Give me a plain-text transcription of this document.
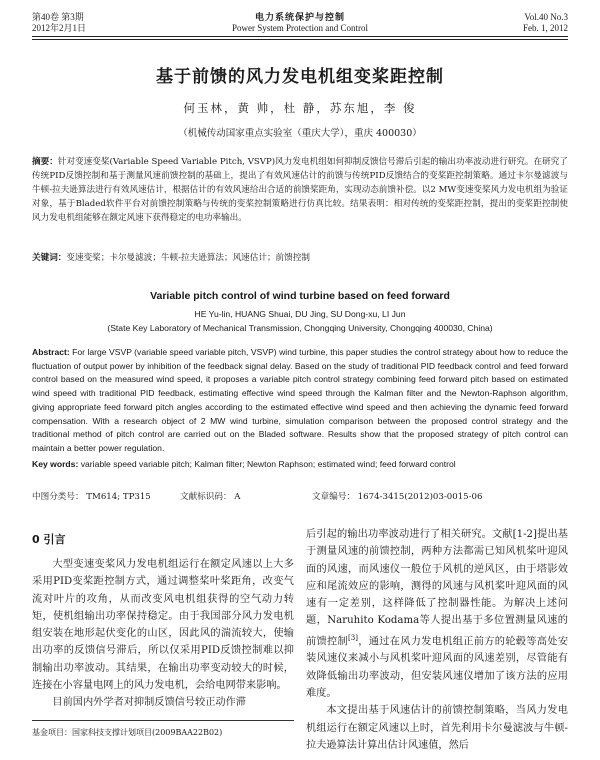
第40卷 第3期
2012年2月1日
电力系统保护与控制
Power System Protection and Control
Vol.40 No.3
Feb. 1, 2012
基于前馈的风力发电机组变桨距控制
何玉林，黄 帅，杜 静，苏东旭，李 俊
（机械传动国家重点实验室（重庆大学），重庆 400030）
摘要：针对变速变桨(Variable Speed Variable Pitch, VSVP)风力发电机组如何抑制反馈信号滞后引起的输出功率波动进行研究。在研究了传统PID反馈控制和基于测量风速前馈控制的基础上，提出了有效风速估计的前馈与传统PID反馈结合的变桨距控制策略。通过卡尔曼滤波与牛顿-拉夫逊算法进行有效风速估计，根据估计的有效风速给出合适的前馈桨距角，实现动态前馈补偿。以2 MW变速变桨风力发电机组为验证对象，基于Bladed软件平台对前馈控制策略与传统的变桨控制策略进行仿真比较。结果表明：相对传统的变桨距控制，提出的变桨距控制使风力发电机组能够在额定风速下获得稳定的电功率输出。
关键词：变速变桨；卡尔曼滤波；牛顿-拉夫逊算法；风速估计；前馈控制
Variable pitch control of wind turbine based on feed forward
HE Yu-lin, HUANG Shuai, DU Jing, SU Dong-xu, LI Jun
(State Key Laboratory of Mechanical Transmission, Chongqing University, Chongqing 400030, China)
Abstract: For large VSVP (variable speed variable pitch, VSVP) wind turbine, this paper studies the control strategy about how to reduce the fluctuation of output power by inhibition of the feedback signal delay. Based on the study of traditional PID feedback control and feed forward control based on the measured wind speed, it proposes a variable pitch control strategy combining feed forward pitch based on estimated wind speed with traditional PID feedback, estimating effective wind speed through the Kalman filter and the Newton-Raphson algorithm, giving appropriate feed forward pitch angles according to the estimated effective wind speed and then achieving the dynamic feed forward compensation. With a research object of 2 MW wind turbine, simulation comparison between the proposed control strategy and the traditional method of pitch control are carried out on the Bladed software. Results show that the proposed strategy of pitch control can maintain a better power regulation.
Key words: variable speed variable pitch; Kalman filter; Newton Raphson; estimated wind; feed forward control
中图分类号： TM614; TP315	文献标识码： A	文章编号： 1674-3415(2012)03-0015-06
0 引言

大型变速变桨风力发电机组运行在额定风速以上大多采用PID变桨距控制方式，通过调整桨叶桨距角，改变气流对叶片的攻角，从而改变风电机组获得的空气动力转矩，使机组输出功率保持稳定。由于我国部分风力发电机组安装在地形起伏变化的山区，因此风的湍流较大，使输出功率的反馈信号滞后，所以仅采用PID反馈控制难以抑制输出功率波动。其结果，在输出功率变动较大的时候，连接在小容量电网上的风力发电机，会给电网带来影响。

目前国内外学者对抑制反馈信号较正动作滞

后引起的输出功率波动进行了相关研究。文献[1-2]提出基于测量风速的前馈控制，两种方法都需已知风机桨叶迎风面的风速，而风速仪一般位于风机的逆风区，由于塔影效应和尾流效应的影响，测得的风速与风机桨叶迎风面的风速有一定差别，这样降低了控制器性能。为解决上述问题，Naruhito Kodama等人提出基于多位置测量风速的前馈控制[3]，通过在风力发电机组正前方的轮毂等高处安装风速仪来减小与风机桨叶迎风面的风速差别，尽管能有效降低输出功率波动，但安装风速仪增加了该方法的应用难度。

本文提出基于风速估计的前馈控制策略，当风力发电机组运行在额定风速以上时，首先利用卡尔曼滤波与牛顿-拉夫逊算法计算出估计风速值，然后

基金项目：国家科技支撑计划项目(2009BAA22B02)
